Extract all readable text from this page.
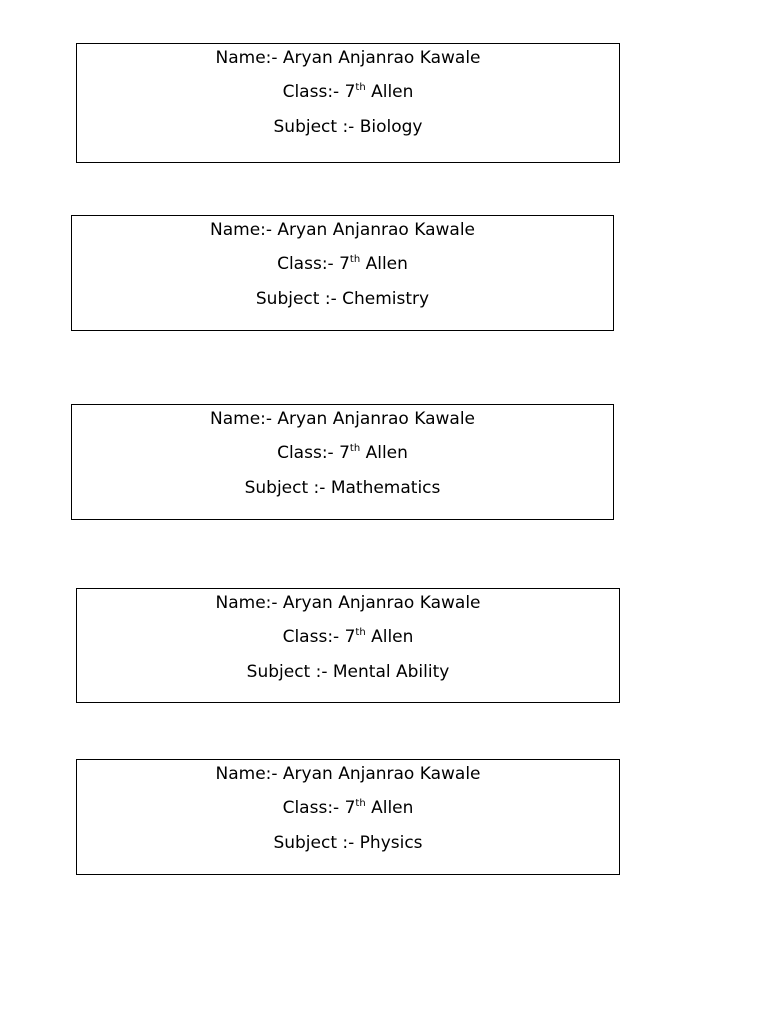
Name:- Aryan Anjanrao Kawale
Class:- 7th Allen
Subject :- Biology
Name:- Aryan Anjanrao Kawale
Class:- 7th Allen
Subject :- Chemistry
Name:- Aryan Anjanrao Kawale
Class:- 7th Allen
Subject :- Mathematics
Name:- Aryan Anjanrao Kawale
Class:- 7th Allen
Subject :- Mental Ability
Name:- Aryan Anjanrao Kawale
Class:- 7th Allen
Subject :- Physics
